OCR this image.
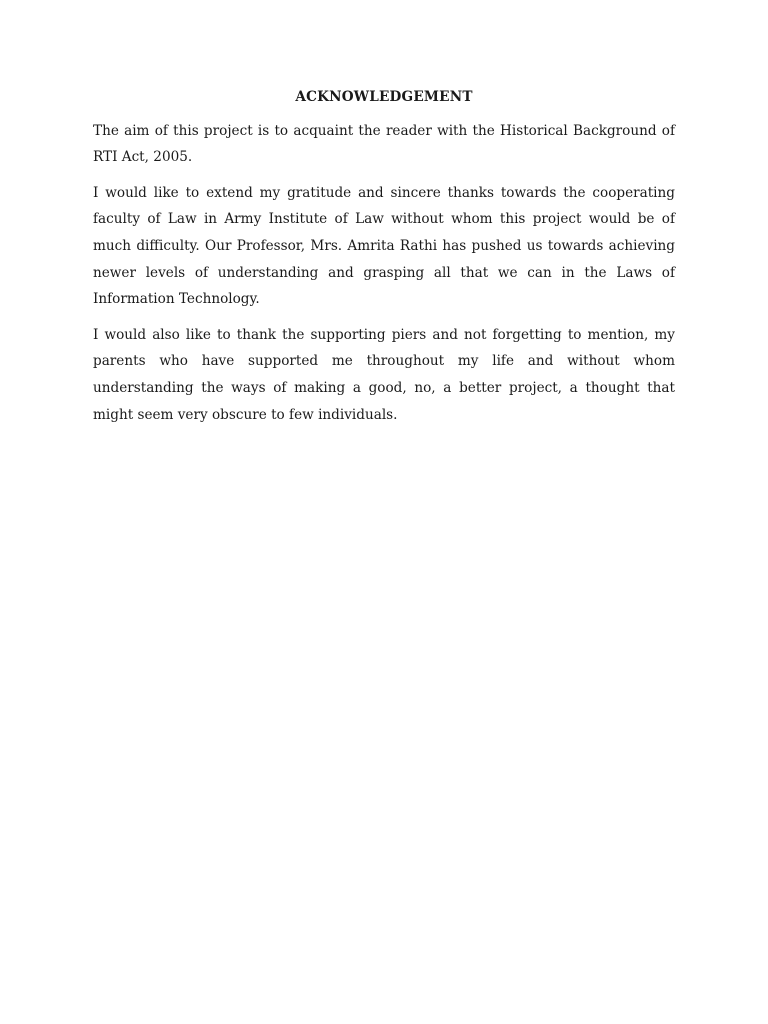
ACKNOWLEDGEMENT

The aim of this project is to acquaint the reader with the Historical Background of RTI Act, 2005.

I would like to extend my gratitude and sincere thanks towards the cooperating faculty of Law in Army Institute of Law without whom this project would be of much difficulty. Our Professor, Mrs. Amrita Rathi has pushed us towards achieving newer levels of understanding and grasping all that we can in the Laws of Information Technology.

I would also like to thank the supporting piers and not forgetting to mention, my parents who have supported me throughout my life and without whom understanding the ways of making a good, no, a better project, a thought that might seem very obscure to few individuals.
